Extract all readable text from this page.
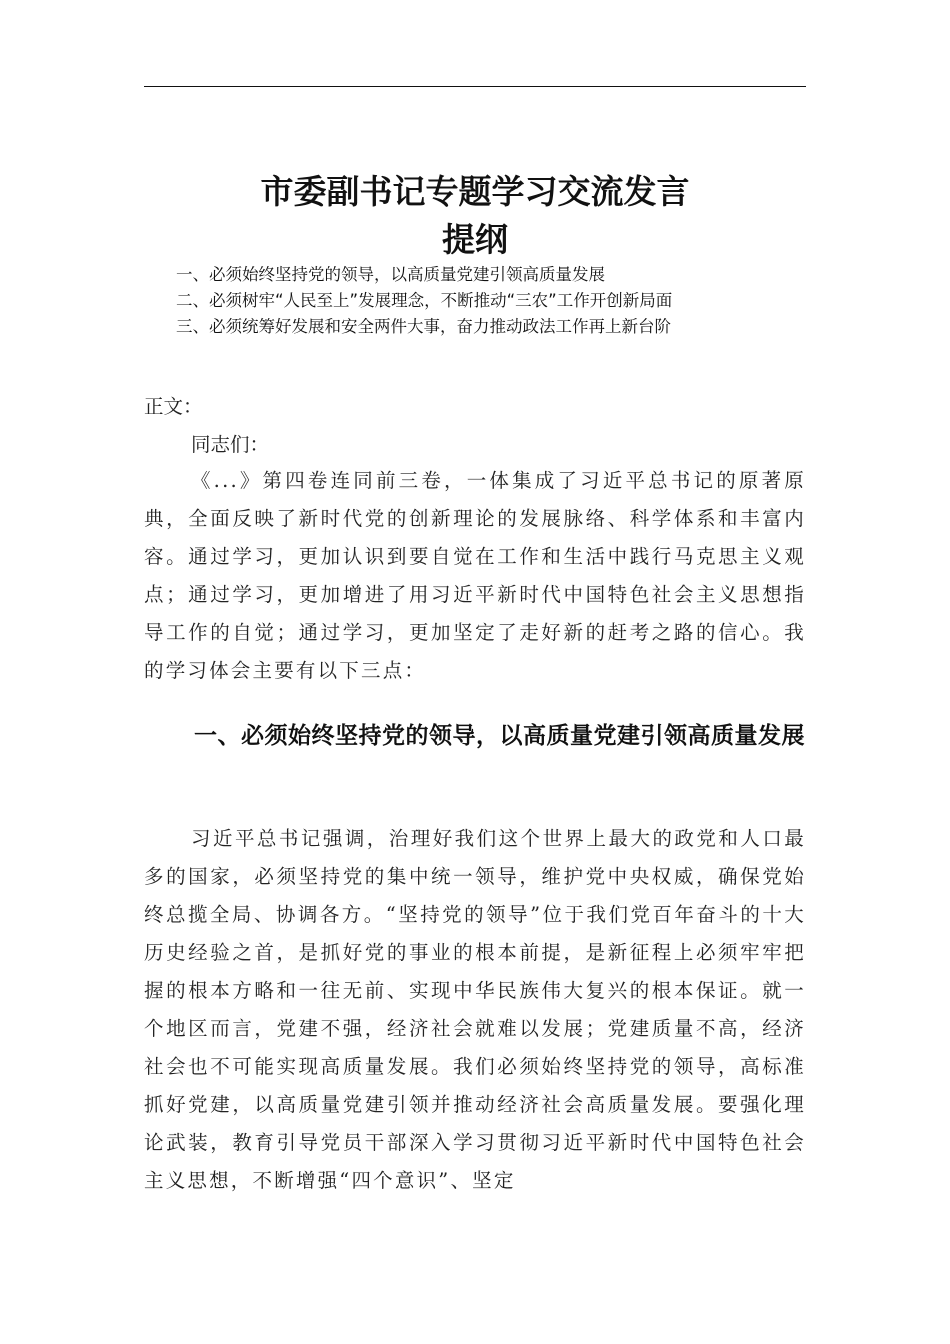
市委副书记专题学习交流发言
提纲
一、必须始终坚持党的领导，以高质量党建引领高质量发展
二、必须树牢“人民至上”发展理念，不断推动“三农”工作开创新局面
三、必须统筹好发展和安全两件大事，奋力推动政法工作再上新台阶

正文：

同志们：

《...》第四卷连同前三卷，一体集成了习近平总书记的原著原典，全面反映了新时代党的创新理论的发展脉络、科学体系和丰富内容。通过学习，更加认识到要自觉在工作和生活中践行马克思主义观点；通过学习，更加增进了用习近平新时代中国特色社会主义思想指导工作的自觉；通过学习，更加坚定了走好新的赶考之路的信心。我的学习体会主要有以下三点：

一、必须始终坚持党的领导，以高质量党建引领高质量发展

习近平总书记强调，治理好我们这个世界上最大的政党和人口最多的国家，必须坚持党的集中统一领导，维护党中央权威，确保党始终总揽全局、协调各方。“坚持党的领导”位于我们党百年奋斗的十大历史经验之首，是抓好党的事业的根本前提，是新征程上必须牢牢把握的根本方略和一往无前、实现中华民族伟大复兴的根本保证。就一个地区而言，党建不强，经济社会就难以发展；党建质量不高，经济社会也不可能实现高质量发展。我们必须始终坚持党的领导，高标准抓好党建，以高质量党建引领并推动经济社会高质量发展。要强化理论武装，教育引导党员干部深入学习贯彻习近平新时代中国特色社会主义思想，不断增强“四个意识”、坚定
